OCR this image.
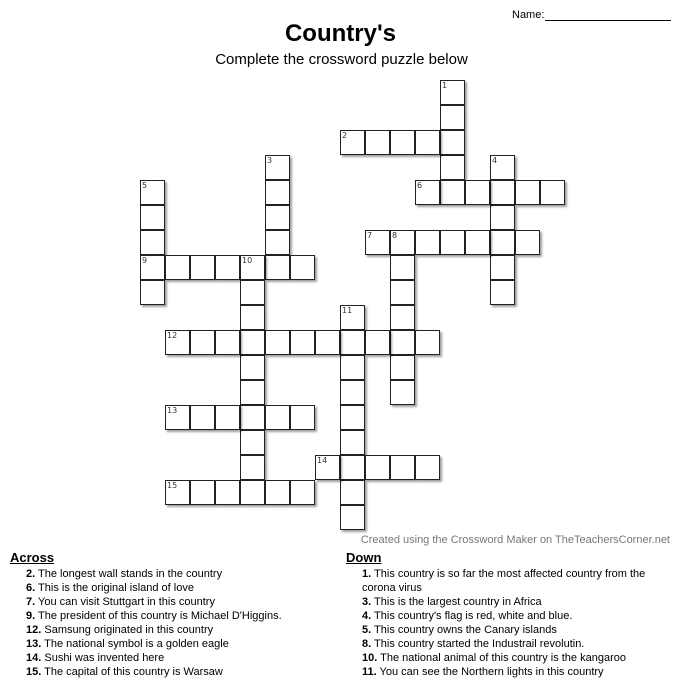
Name:
Country's
Complete the crossword puzzle below
1
2
3	4
5	6
7 8
9	10
11
12
13
14
15
Created using the Crossword Maker on TheTeachersCorner.net
Across
2. The longest wall stands in the country
6. This is the original island of love
7. You can visit Stuttgart in this country
9. The president of this country is Michael D'Higgins.
12. Samsung originated in this country
13. The national symbol is a golden eagle
14. Sushi was invented here
15. The capital of this country is Warsaw
Down
1. This country is so far the most affected country from the corona virus
3. This is the largest country in Africa
4. This country's flag is red, white and blue.
5. This country owns the Canary islands
8. This country started the Industrail revolutin.
10. The national animal of this country is the kangaroo
11. You can see the Northern lights in this country
